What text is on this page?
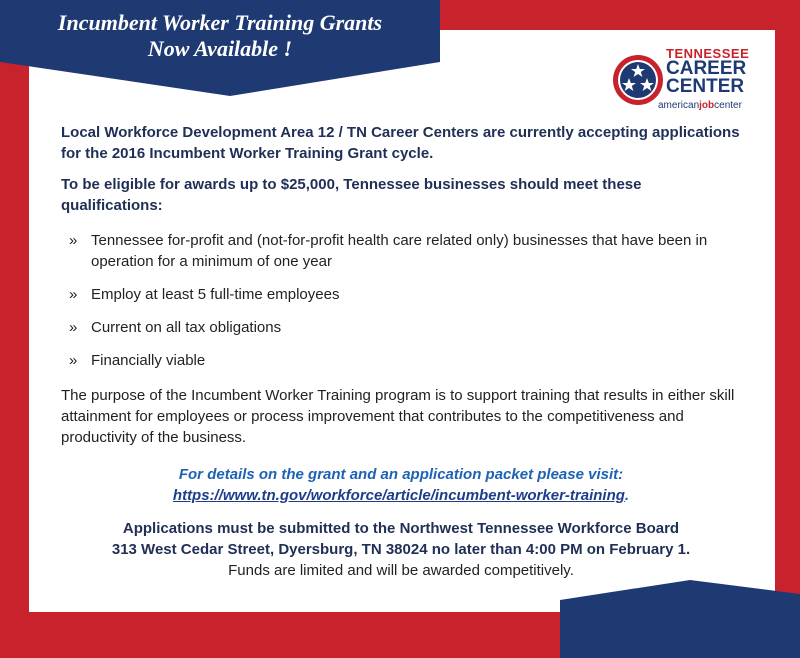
Incumbent Worker Training Grants
Now Available !	TENNESSEE
CAREER
CENTER
americanjobcenter

Local Workforce Development Area 12 / TN Career Centers are currently accepting applications for the 2016 Incumbent Worker Training Grant cycle.

To be eligible for awards up to $25,000, Tennessee businesses should meet these qualifications:

» Tennessee for-profit and (not-for-profit health care related only) businesses that have been in operation for a minimum of one year
» Employ at least 5 full-time employees
» Current on all tax obligations
» Financially viable

The purpose of the Incumbent Worker Training program is to support training that results in either skill attainment for employees or process improvement that contributes to the competitiveness and productivity of the business.

For details on the grant and an application packet please visit:
https://www.tn.gov/workforce/article/incumbent-worker-training.
Applications must be submitted to the Northwest Tennessee Workforce Board
313 West Cedar Street, Dyersburg, TN 38024 no later than 4:00 PM on February 1.
Funds are limited and will be awarded competitively.
